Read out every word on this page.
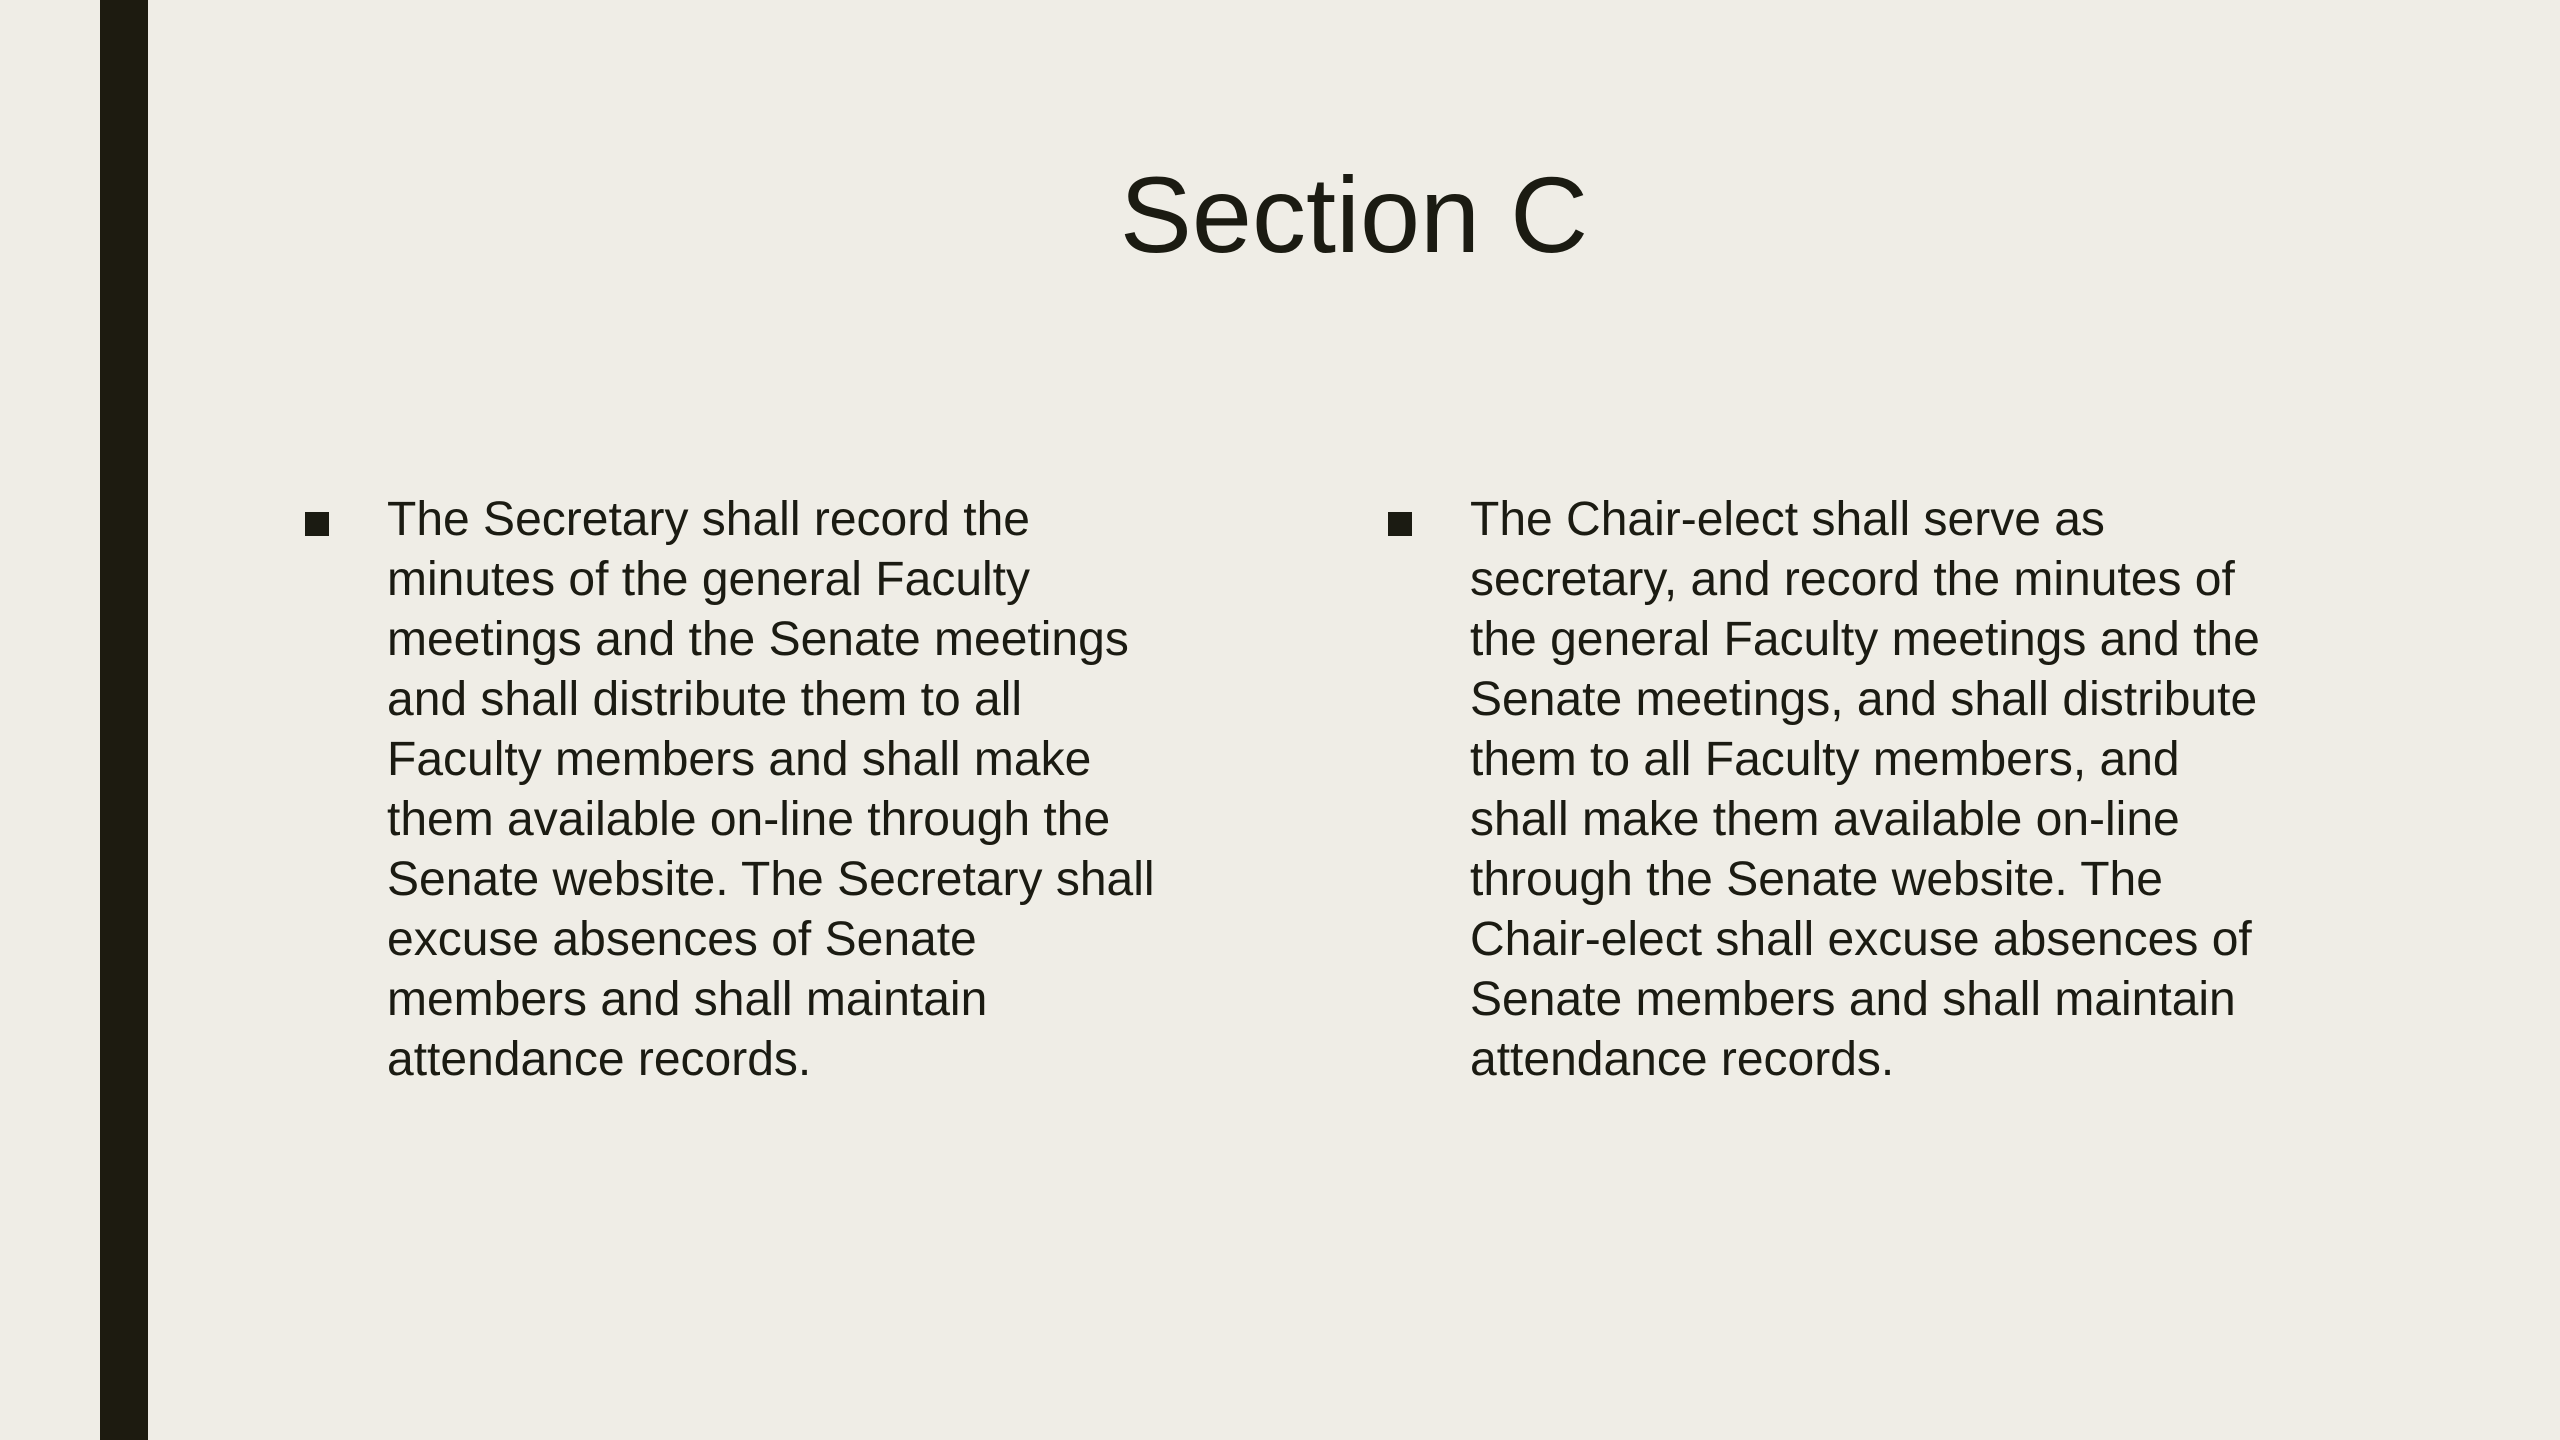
Section C

The Secretary shall record the minutes of the general Faculty meetings and the Senate meetings and shall distribute them to all Faculty members and shall make them available on-line through the Senate website. The Secretary shall excuse absences of Senate members and shall maintain attendance records.

The Chair-elect shall serve as secretary, and record the minutes of the general Faculty meetings and the Senate meetings, and shall distribute them to all Faculty members, and shall make them available on-line through the Senate website. The Chair-elect shall excuse absences of Senate members and shall maintain attendance records.
